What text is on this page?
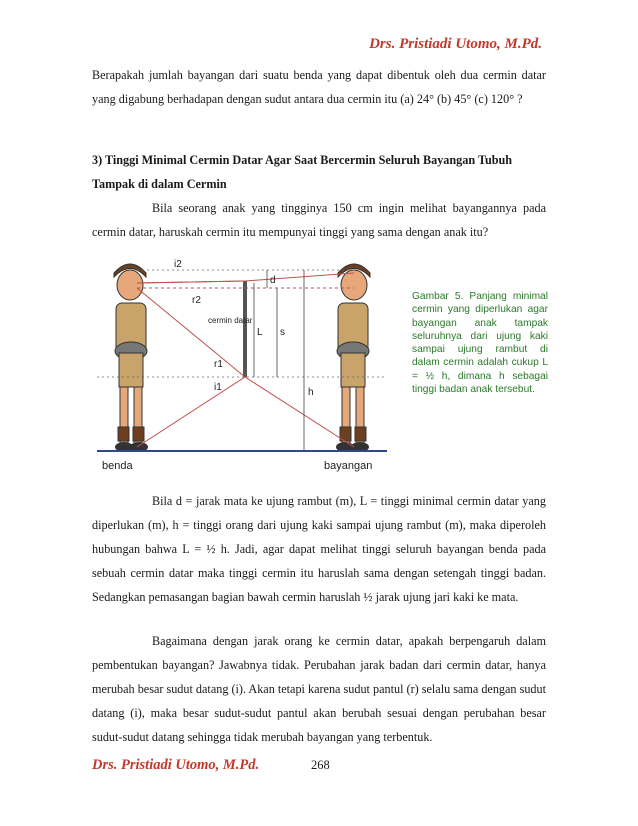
Drs. Pristiadi Utomo, M.Pd.

Berapakah jumlah bayangan dari suatu benda yang dapat dibentuk oleh dua cermin datar yang digabung berhadapan dengan sudut antara dua cermin itu (a) 24° (b) 45° (c) 120° ?

3) Tinggi Minimal Cermin Datar Agar Saat Bercermin Seluruh Bayangan Tubuh Tampak di dalam Cermin

Bila seorang anak yang tingginya 150 cm ingin melihat bayangannya pada cermin datar, haruskah cermin itu mempunyai tinggi yang sama dengan anak itu?

i2
r2
cermin datar
d
L s
r1
i1	h
benda	bayangan

Gambar 5. Panjang minimal cermin yang diperlukan agar bayangan anak tampak seluruhnya dari ujung kaki sampai ujung rambut di dalam cermin adalah cukup L = ½ h, dimana h sebagai tinggi badan anak tersebut.

Bila d = jarak mata ke ujung rambut (m), L = tinggi minimal cermin datar yang diperlukan (m), h = tinggi orang dari ujung kaki sampai ujung rambut (m), maka diperoleh hubungan bahwa L = ½ h. Jadi, agar dapat melihat tinggi seluruh bayangan benda pada sebuah cermin datar maka tinggi cermin itu haruslah sama dengan setengah tinggi badan. Sedangkan pemasangan bagian bawah cermin haruslah ½ jarak ujung jari kaki ke mata.

Bagaimana dengan jarak orang ke cermin datar, apakah berpengaruh dalam pembentukan bayangan? Jawabnya tidak. Perubahan jarak badan dari cermin datar, hanya merubah besar sudut datang (i). Akan tetapi karena sudut pantul (r) selalu sama dengan sudut datang (i), maka besar sudut-sudut pantul akan berubah sesuai dengan perubahan besar sudut-sudut datang sehingga tidak merubah bayangan yang terbentuk.

Drs. Pristiadi Utomo, M.Pd.	268
